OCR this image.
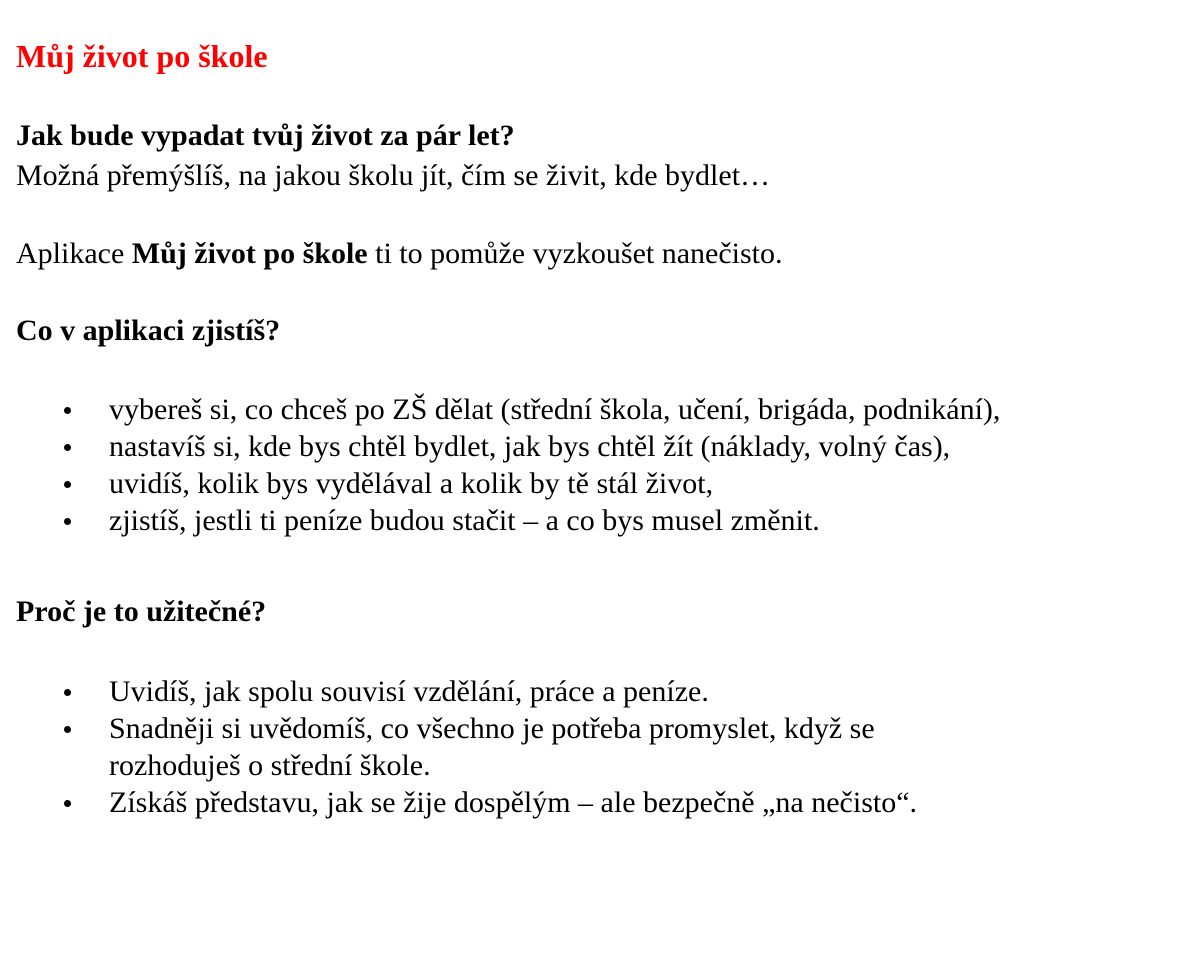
Můj život po škole
Jak bude vypadat tvůj život za pár let?
Možná přemýšlíš, na jakou školu jít, čím se živit, kde bydlet…
Aplikace Můj život po škole ti to pomůže vyzkoušet nanečisto.
Co v aplikaci zjistíš?
vybereš si, co chceš po ZŠ dělat (střední škola, učení, brigáda, podnikání),
nastavíš si, kde bys chtěl bydlet, jak bys chtěl žít (náklady, volný čas),
uvidíš, kolik bys vydělával a kolik by tě stál život,
zjistíš, jestli ti peníze budou stačit – a co bys musel změnit.
Proč je to užitečné?
Uvidíš, jak spolu souvisí vzdělání, práce a peníze.
Snadněji si uvědomíš, co všechno je potřeba promyslet, když se
rozhoduješ o střední škole.
Získáš představu, jak se žije dospělým – ale bezpečně „na nečisto“.
